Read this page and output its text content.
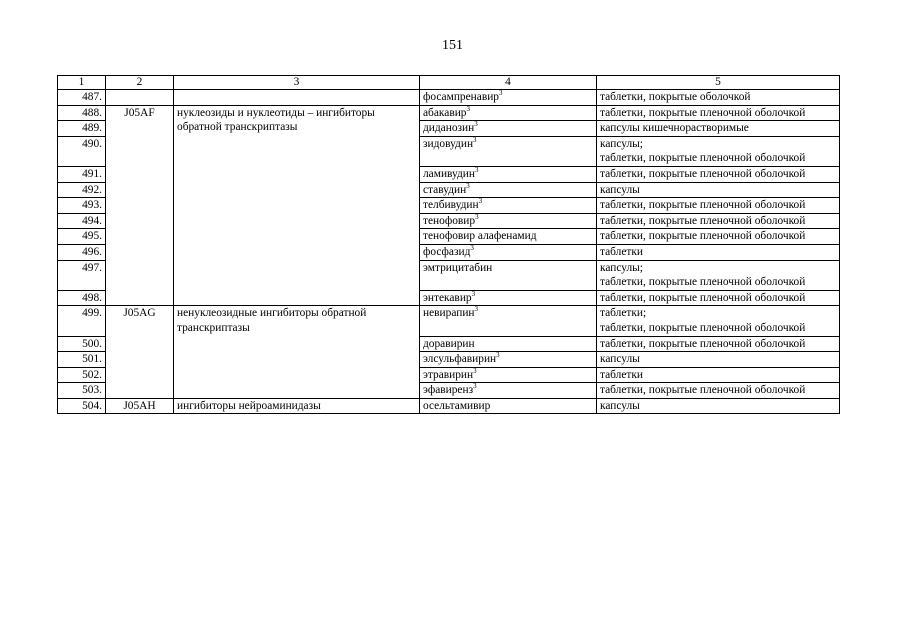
151
1	2	3	4	5
487.			фосампренавир$^3$	таблетки, покрытые оболочкой

488.	J05AF	нуклеозиды и нуклеотиды – ингибиторы обратной транскриптазы	абакавир$^3$	таблетки, покрытые пленочной оболочкой

489.			диданозин$^3$	капсулы кишечнорастворимые

490.			зидовудин$^3$	капсулы;
таблетки, покрытые пленочной оболочкой

491.			ламивудин$^3$	таблетки, покрытые пленочной оболочкой

492.			ставудин$^3$	капсулы

493.			телбивудин$^3$	таблетки, покрытые пленочной оболочкой

494.			тенофовир$^3$	таблетки, покрытые пленочной оболочкой

495.			тенофовир алафенамид	таблетки, покрытые пленочной оболочкой

496.			фосфазид$^3$	таблетки

497.			эмтрицитабин	капсулы;
таблетки, покрытые пленочной оболочкой

498.			энтекавир$^3$	таблетки, покрытые пленочной оболочкой

499.	J05AG	ненуклеозидные ингибиторы обратной транскриптазы	невирапин$^3$	таблетки;
таблетки, покрытые пленочной оболочкой

500.			доравирин	таблетки, покрытые пленочной оболочкой

501.			элсульфавирин$^3$	капсулы

502.			этравирин$^3$	таблетки

503.			эфавиренз$^3$	таблетки, покрытые пленочной оболочкой

504.	J05AH	ингибиторы нейроаминидазы	осельтамивир	капсулы
